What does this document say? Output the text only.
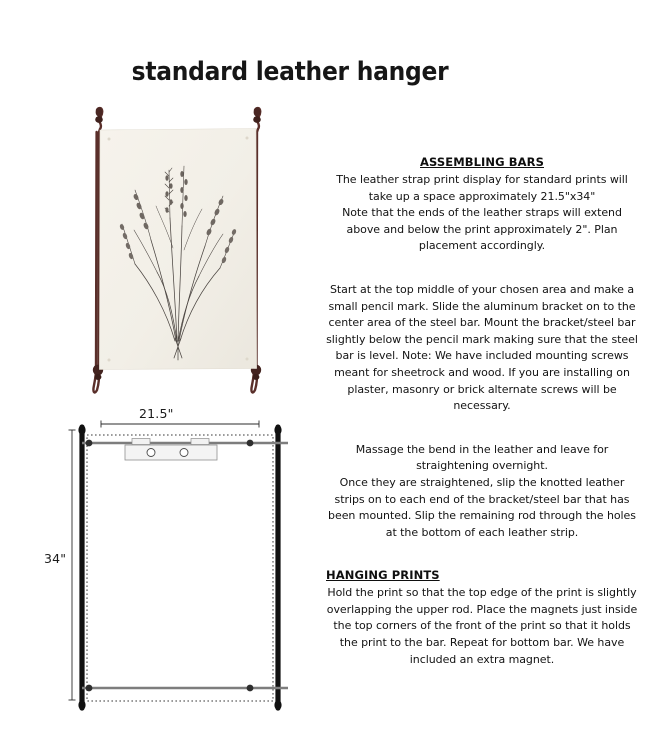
standard leather hanger
21.5"
34"
ASSEMBLING BARS
The leather strap print display for standard prints will take up a space approximately 21.5"x34"
Note that the ends of the leather straps will extend above and below the print approximately 2". Plan placement accordingly.
Start at the top middle of your chosen area and make a small pencil mark. Slide the aluminum bracket on to the center area of the steel bar. Mount the bracket/steel bar slightly below the pencil mark making sure that the steel bar is level. Note: We have included mounting screws meant for sheetrock and wood. If you are installing on plaster, masonry or brick alternate screws will be necessary.
Massage the bend in the leather and leave for straightening overnight.
Once they are straightened, slip the knotted leather strips on to each end of the bracket/steel bar that has been mounted. Slip the remaining rod through the holes at the bottom of each leather strip.
HANGING PRINTS
Hold the print so that the top edge of the print is slightly overlapping the upper rod. Place the magnets just inside the top corners of the front of the print so that it holds the print to the bar. Repeat for bottom bar. We have included an extra magnet.
